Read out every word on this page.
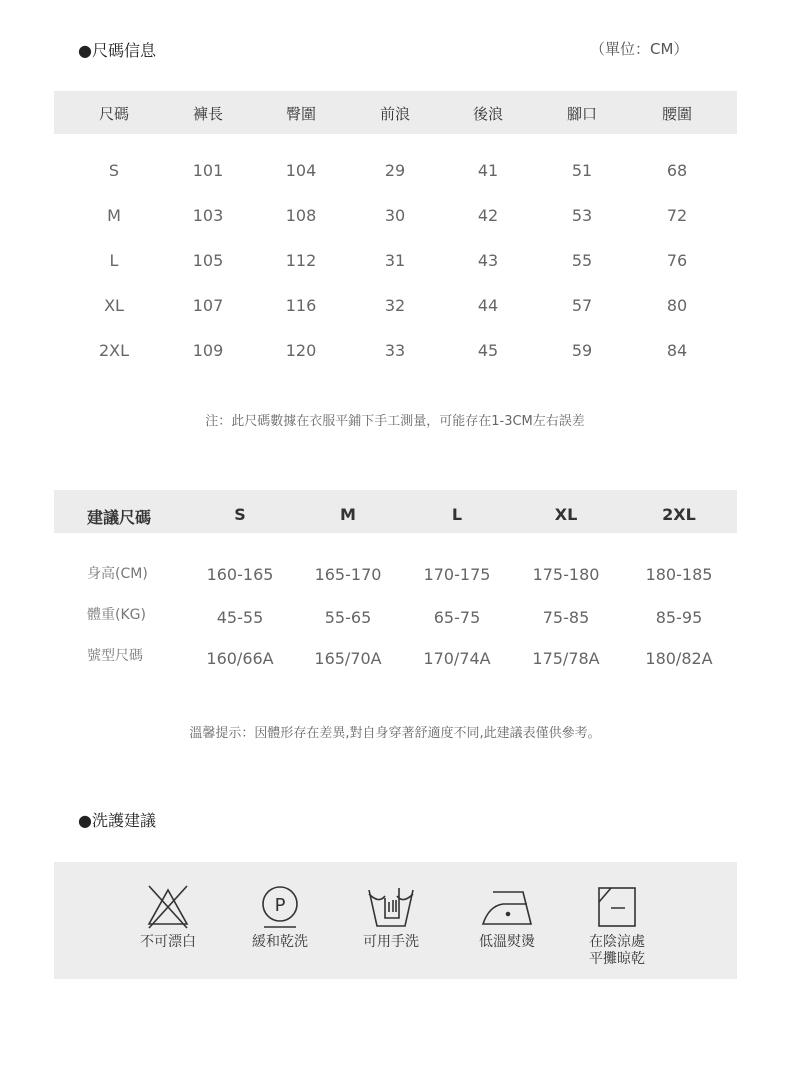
●尺碼信息	（單位：CM）
尺碼	褲長	臀圍	前浪	後浪	腳口	腰圍
S	101	104	29	41	51	68
M	103	108	30	42	53	72
L	105	112	31	43	55	76
XL	107	116	32	44	57	80
2XL	109	120	33	45	59	84
注：此尺碼數據在衣服平鋪下手工測量，可能存在1-3CM左右誤差
建議尺碼	S	M	L	XL	2XL
身高(CM)	160-165	165-170	170-175	175-180	180-185
體重(KG)	45-55	55-65	65-75	75-85	85-95
號型尺碼	160/66A	165/70A	170/74A	175/78A	180/82A
溫馨提示：因體形存在差異,對自身穿著舒適度不同,此建議表僅供參考。
●洗護建議
P
不可漂白	緩和乾洗	可用手洗	低溫熨燙	在陰涼處
平攤晾乾
